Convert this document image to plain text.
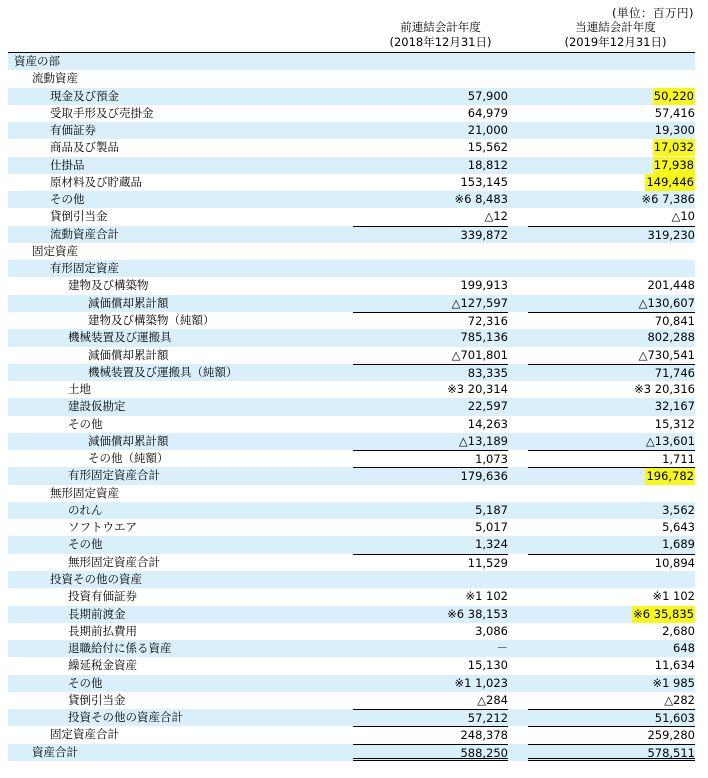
(単位：百万円)
前連結会計年度
(2018年12月31日)
当連結会計年度
(2019年12月31日)
資産の部
流動資産
現金及び預金	57,900	50,220
受取手形及び売掛金	64,979	57,416
有価証券	21,000	19,300
商品及び製品	15,562	17,032
仕掛品	18,812	17,938
原材料及び貯蔵品	153,145	149,446
その他	※6 8,483	※6 7,386
貸倒引当金	△12	△10
流動資産合計	339,872	319,230
固定資産
有形固定資産
建物及び構築物	199,913	201,448
減価償却累計額	△127,597	△130,607
建物及び構築物（純額）	72,316	70,841
機械装置及び運搬具	785,136	802,288
減価償却累計額	△701,801	△730,541
機械装置及び運搬具（純額）	83,335	71,746
土地	※3 20,314	※3 20,316
建設仮勘定	22,597	32,167
その他	14,263	15,312
減価償却累計額	△13,189	△13,601
その他（純額）	1,073	1,711
有形固定資産合計	179,636	196,782
無形固定資産
のれん	5,187	3,562
ソフトウエア	5,017	5,643
その他	1,324	1,689
無形固定資産合計	11,529	10,894
投資その他の資産
投資有価証券	※1 102	※1 102
長期前渡金	※6 38,153	※6 35,835
長期前払費用	3,086	2,680
退職給付に係る資産	－	648
繰延税金資産	15,130	11,634
その他	※1 1,023	※1 985
貸倒引当金	△284	△282
投資その他の資産合計	57,212	51,603
固定資産合計	248,378	259,280
資産合計	588,250	578,511
